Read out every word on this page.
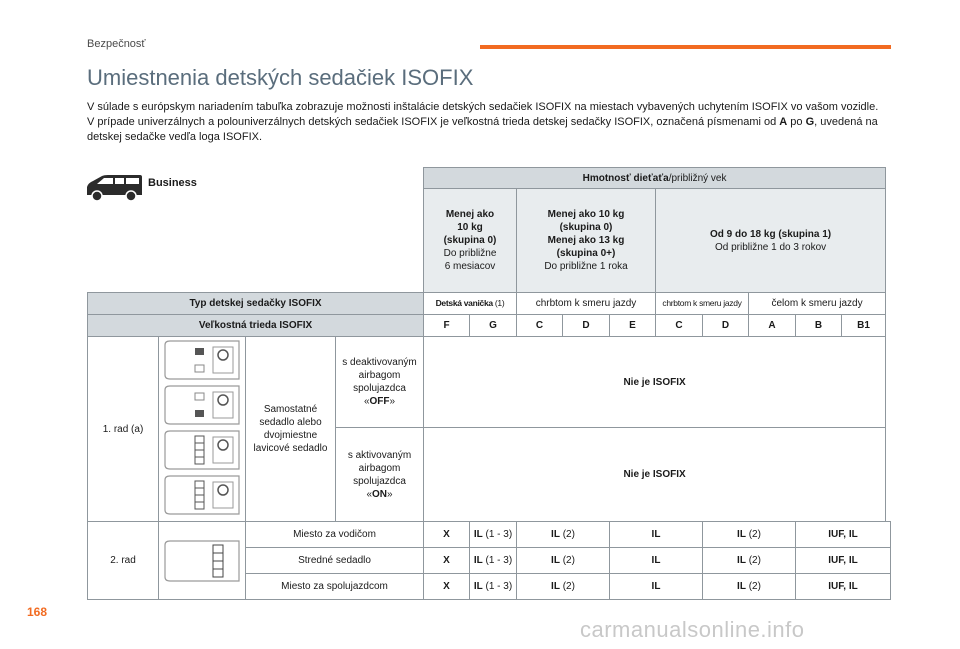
Bezpečnosť
Umiestnenia detských sedačiek ISOFIX

V súlade s európskym nariadením tabuľka zobrazuje možnosti inštalácie detských sedačiek ISOFIX na miestach vybavených uchytením ISOFIX vo vašom vozidle.

V prípade univerzálnych a polouniverzálnych detských sedačiek ISOFIX je veľkostná trieda detskej sedačky ISOFIX, označená písmenami od A po G, uvedená na detskej sedačke vedľa loga ISOFIX.

Business
				Hmotnosť dieťaťa/približný vek									
				Menej ako
10 kg
(skupina 0)
Do približne
6 mesiacov		Menej ako 10 kg
(skupina 0)
Menej ako 13 kg
(skupina 0+)
Do približne 1 roka			Od 9 do 18 kg (skupina 1)
Od približne 1 do 3 rokov				
Typ detskej sedačky ISOFIX				Detská vanička (1)		chrbtom k smeru jazdy			chrbtom k smeru jazdy		čelom k smeru jazdy		
Veľkostná trieda ISOFIX				F	G	C	D	E	C	D	A	B	B1
1. rad (a)		Samostatné sedadlo alebo dvojmiestne lavicové sedadlo	s deaktivovaným airbagom spolujazdca
«OFF»	Nie je ISOFIX									
			s aktivovaným airbagom spolujazdca
«ON»	Nie je ISOFIX									
2. rad		Miesto za vodičom		X	IL (1 - 3)	IL (2)		IL		IL (2)		IUF, IL	
		Stredné sedadlo		X	IL (1 - 3)	IL (2)		IL		IL (2)		IUF, IL	
		Miesto za spolujazdcom		X	IL (1 - 3)	IL (2)		IL		IL (2)		IUF, IL	
168
carmanualsonline.info
